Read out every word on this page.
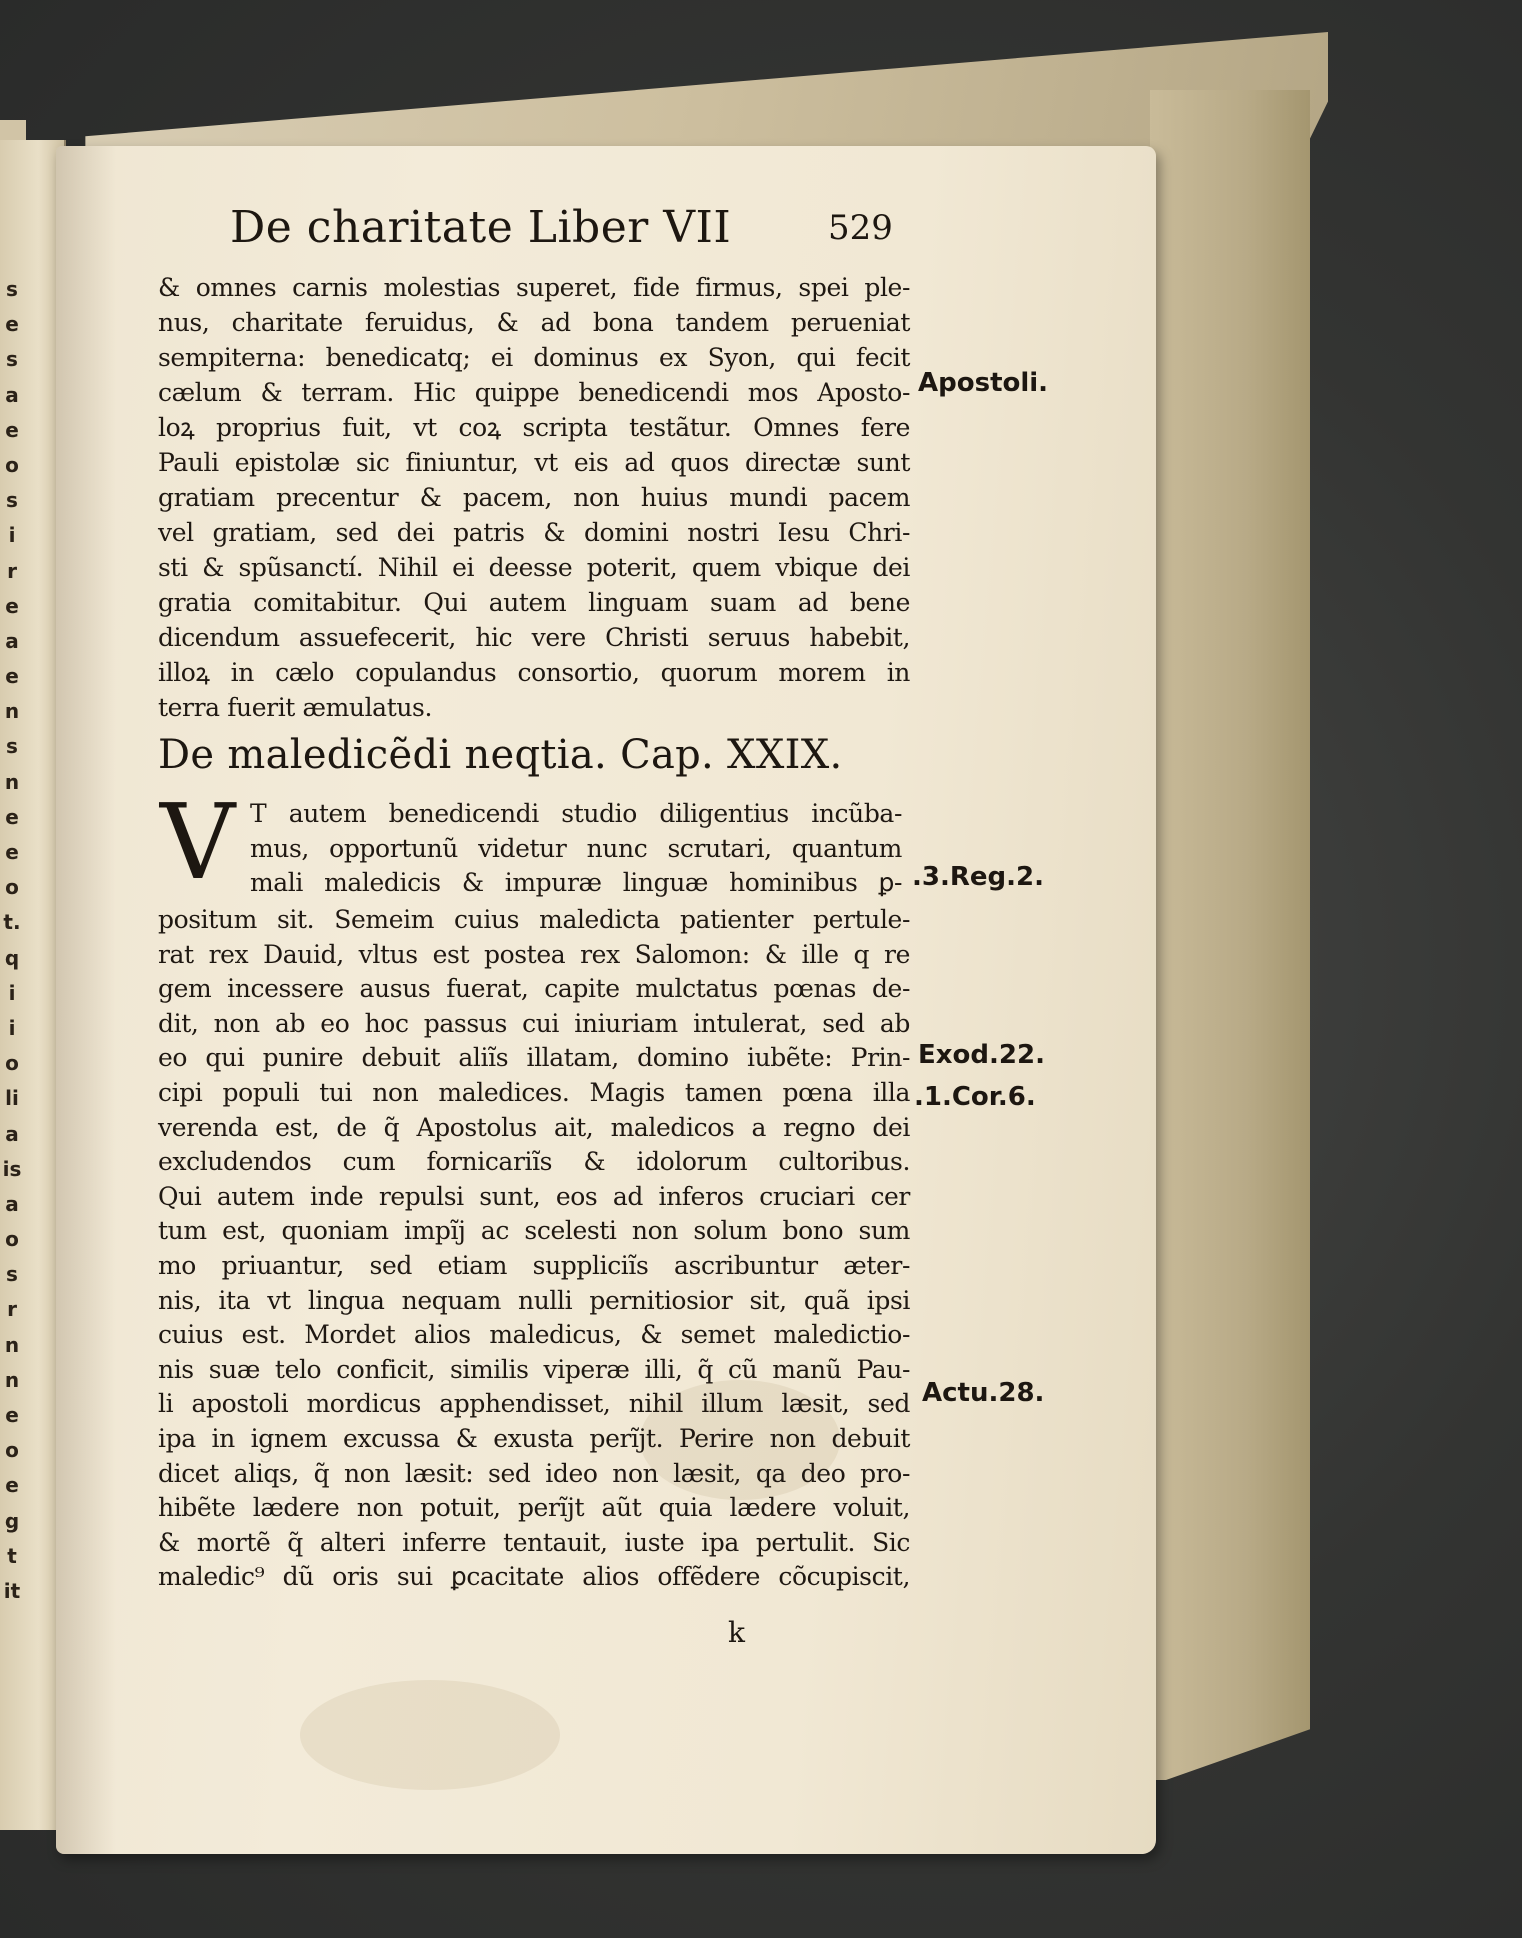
s
e
s
a
e
o
s
i
r
e
a
e
n
s
n
e
e
o
t.
q
i
i
o
li
a
is
a
o
s
r
n
n
e
o
e
g
t
it
De charitate Liber VII	529
& omnes carnis molestias superet, fide firmus, spei ple-
nus, charitate feruidus, & ad bona tandem perueniat
sempiterna: benedicatq; ei dominus ex Syon, qui fecit
cælum & terram. Hic quippe benedicendi mos Aposto-
loꝝ proprius fuit, vt coꝝ scripta testãtur. Omnes fere
Pauli epistolæ sic finiuntur, vt eis ad quos directæ sunt
gratiam precentur & pacem, non huius mundi pacem
vel gratiam, sed dei patris & domini nostri Iesu Chri-
sti & spũsanctí. Nihil ei deesse poterit, quem vbique dei
gratia comitabitur. Qui autem linguam suam ad bene
dicendum assuefecerit, hic vere Christi seruus habebit,
illoꝝ in cælo copulandus consortio, quorum morem in
terra fuerit æmulatus.
De maledicẽdi neqtia. Cap. XXIX.
V T autem benedicendi studio diligentius incũba-
mus, opportunũ videtur nunc scrutari, quantum
mali maledicis & impuræ linguæ hominibus ꝑ-
positum sit. Semeim cuius maledicta patienter pertule-
rat rex Dauid, vltus est postea rex Salomon: & ille q re
gem incessere ausus fuerat, capite mulctatus pœnas de-
dit, non ab eo hoc passus cui iniuriam intulerat, sed ab
eo qui punire debuit aliĩs illatam, domino iubẽte: Prin-
cipi populi tui non maledices. Magis tamen pœna illa
verenda est, de q̃ Apostolus ait, maledicos a regno dei
excludendos cum fornicariĩs & idolorum cultoribus.
Qui autem inde repulsi sunt, eos ad inferos cruciari cer
tum est, quoniam impĩj ac scelesti non solum bono sum
mo priuantur, sed etiam suppliciĩs ascribuntur æter-
nis, ita vt lingua nequam nulli pernitiosior sit, quã ipsi
cuius est. Mordet alios maledicus, & semet maledictio-
nis suæ telo conficit, similis viperæ illi, q̃ cũ manũ Pau-
li apostoli mordicus apphendisset, nihil illum læsit, sed
ipa in ignem excussa & exusta perĩjt. Perire non debuit
dicet aliqs, q̃ non læsit: sed ideo non læsit, qa deo pro-
hibẽte lædere non potuit, perĩjt aũt quia lædere voluit,
& mortẽ q̃ alteri inferre tentauit, iuste ipa pertulit. Sic
maledic⁹ dũ oris sui ꝑcacitate alios offẽdere cõcupiscit,
Apostoli.
.3.Reg.2.
Exod.22.
.1.Cor.6.
Actu.28.
k
